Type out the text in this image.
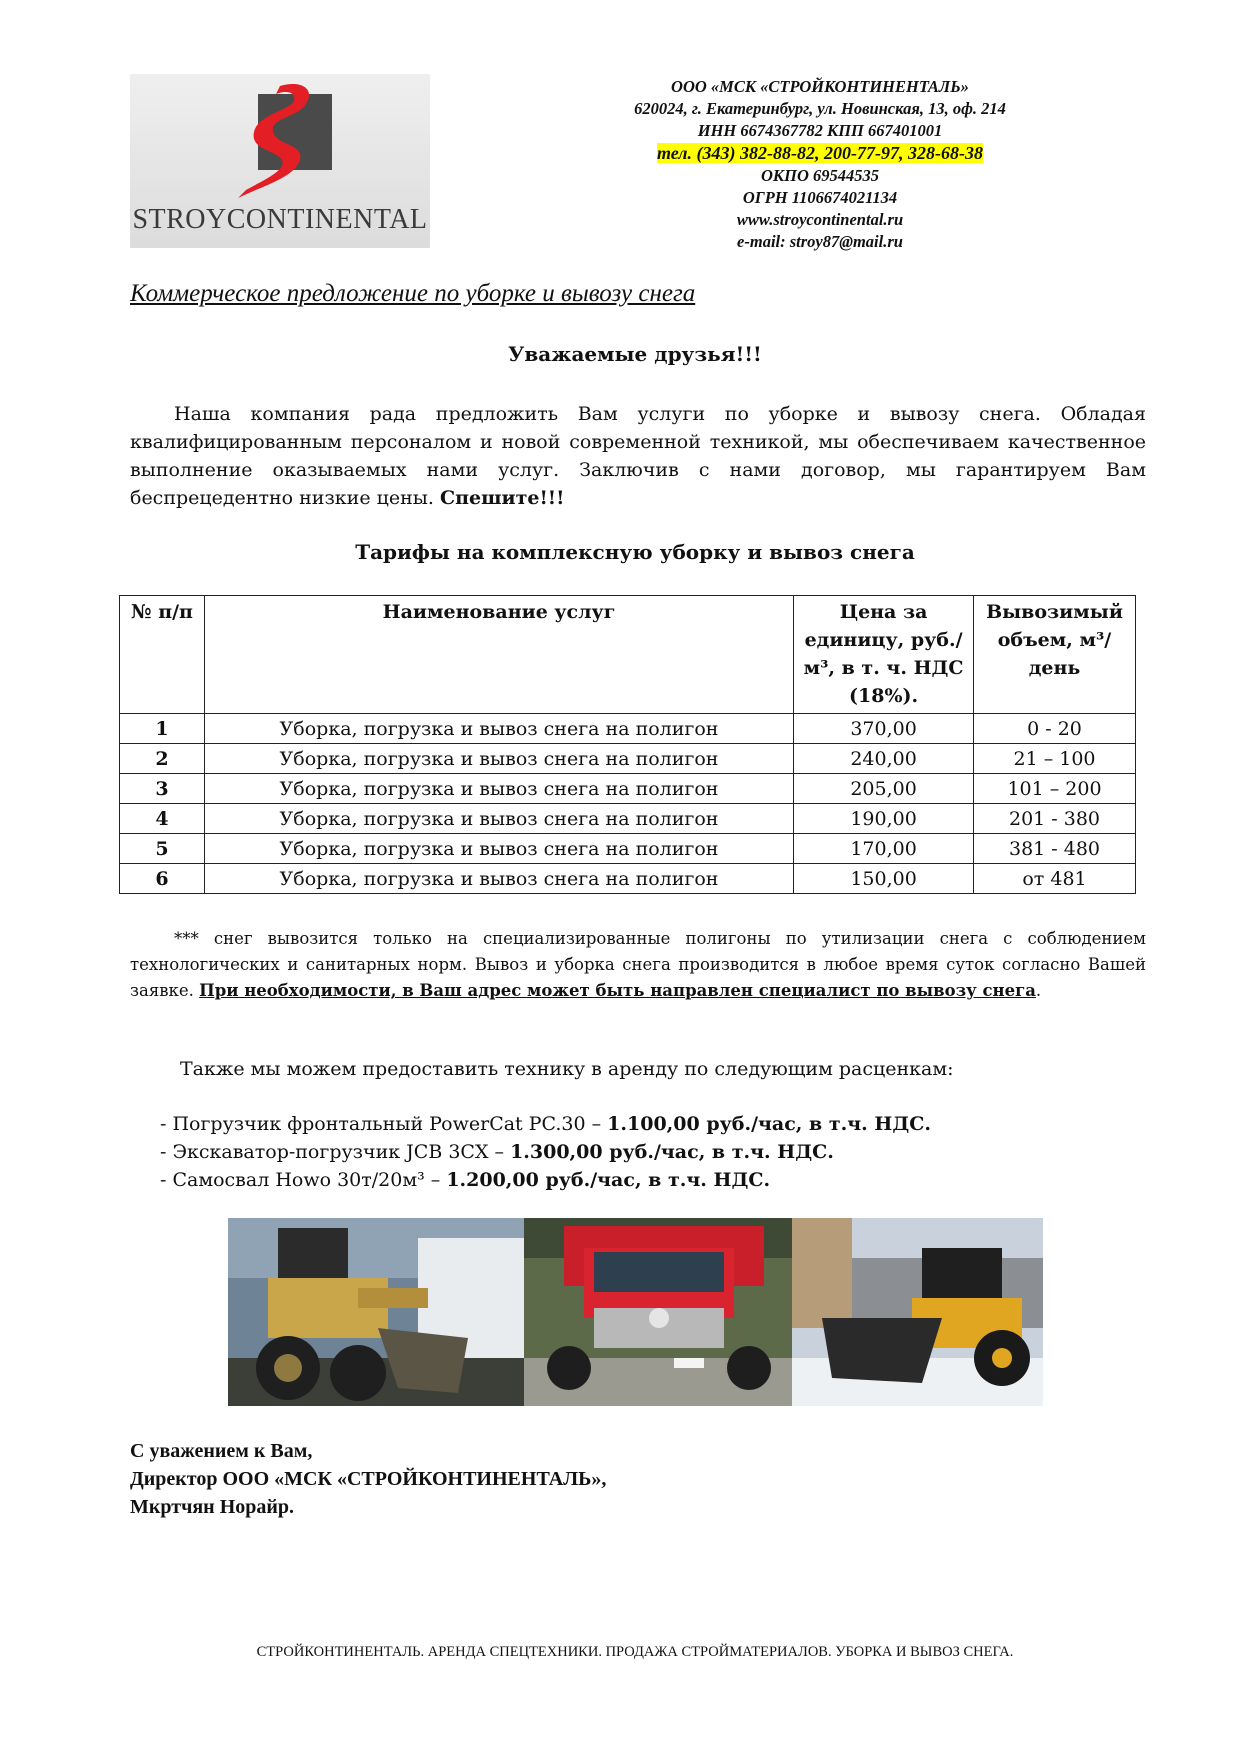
STROYCONTINENTAL
ООО «МСК «СТРОЙКОНТИНЕНТАЛЬ»
620024, г. Екатеринбург, ул. Новинская, 13, оф. 214
ИНН 6674367782 КПП 667401001
тел. (343) 382-88-82, 200-77-97, 328-68-38
ОКПО 69544535
ОГРН 1106674021134
www.stroycontinental.ru
e-mail: stroy87@mail.ru
Коммерческое предложение по уборке и вывозу снега
Уважаемые друзья!!!
Наша компания рада предложить Вам услуги по уборке и вывозу снега. Обладая квалифицированным персоналом и новой современной техникой, мы обеспечиваем качественное выполнение оказываемых нами услуг. Заключив с нами договор, мы гарантируем Вам беспрецедентно низкие цены. Спешите!!!
Тарифы на комплексную уборку и вывоз снега
№ п/п	Наименование услуг	Цена за единицу, руб./м³, в т. ч. НДС (18%).	Вывозимый объем, м³/день
1	Уборка, погрузка и вывоз снега на полигон	370,00	0 - 20
2	Уборка, погрузка и вывоз снега на полигон	240,00	21 – 100
3	Уборка, погрузка и вывоз снега на полигон	205,00	101 – 200
4	Уборка, погрузка и вывоз снега на полигон	190,00	201 - 380
5	Уборка, погрузка и вывоз снега на полигон	170,00	381 - 480
6	Уборка, погрузка и вывоз снега на полигон	150,00	от 481
*** снег вывозится только на специализированные полигоны по утилизации снега с соблюдением технологических и санитарных норм. Вывоз и уборка снега производится в любое время суток согласно Вашей заявке. При необходимости, в Ваш адрес может быть направлен специалист по вывозу снега.
Также мы можем предоставить технику в аренду по следующим расценкам:
- Погрузчик фронтальный PowerCat PC.30 – 1.100,00 руб./час, в т.ч. НДС.
- Экскаватор-погрузчик JCB 3CX – 1.300,00 руб./час, в т.ч. НДС.
- Самосвал Howo 30т/20м³ – 1.200,00 руб./час, в т.ч. НДС.
С уважением к Вам,
Директор ООО «МСК «СТРОЙКОНТИНЕНТАЛЬ»,
Мкртчян Норайр.
СТРОЙКОНТИНЕНТАЛЬ. АРЕНДА СПЕЦТЕХНИКИ. ПРОДАЖА СТРОЙМАТЕРИАЛОВ. УБОРКА И ВЫВОЗ СНЕГА.
